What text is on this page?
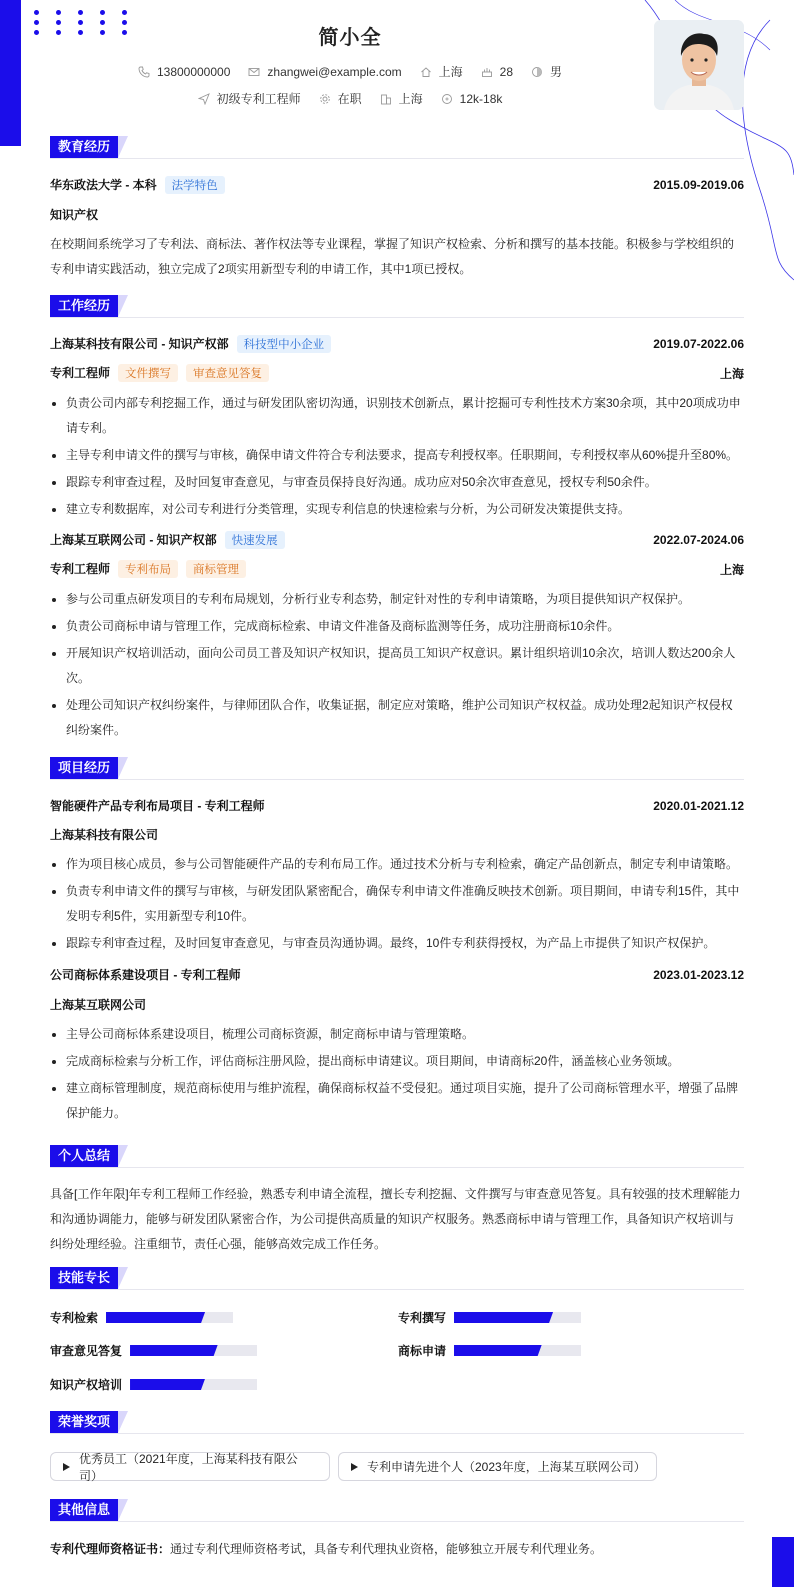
简小全
13800000000	zhangwei@example.com	上海	28	男
初级专利工程师	在职	上海	12k-18k
教育经历
华东政法大学 - 本科 法学特色	2015.09-2019.06
知识产权
在校期间系统学习了专利法、商标法、著作权法等专业课程，掌握了知识产权检索、分析和撰写的基本技能。积极参与学校组织的专利申请实践活动，独立完成了2项实用新型专利的申请工作，其中1项已授权。
工作经历
上海某科技有限公司 - 知识产权部 科技型中小企业	2019.07-2022.06
专利工程师 文件撰写 审查意见答复	上海
负责公司内部专利挖掘工作，通过与研发团队密切沟通，识别技术创新点，累计挖掘可专利性技术方案30余项，其中20项成功申请专利。
主导专利申请文件的撰写与审核，确保申请文件符合专利法要求，提高专利授权率。任职期间，专利授权率从60%提升至80%。
跟踪专利审查过程，及时回复审查意见，与审查员保持良好沟通。成功应对50余次审查意见，授权专利50余件。
建立专利数据库，对公司专利进行分类管理，实现专利信息的快速检索与分析，为公司研发决策提供支持。
上海某互联网公司 - 知识产权部 快速发展	2022.07-2024.06
专利工程师 专利布局 商标管理	上海
参与公司重点研发项目的专利布局规划，分析行业专利态势，制定针对性的专利申请策略，为项目提供知识产权保护。
负责公司商标申请与管理工作，完成商标检索、申请文件准备及商标监测等任务，成功注册商标10余件。
开展知识产权培训活动，面向公司员工普及知识产权知识，提高员工知识产权意识。累计组织培训10余次，培训人数达200余人次。
处理公司知识产权纠纷案件，与律师团队合作，收集证据，制定应对策略，维护公司知识产权权益。成功处理2起知识产权侵权纠纷案件。
项目经历
智能硬件产品专利布局项目 - 专利工程师	2020.01-2021.12
上海某科技有限公司
作为项目核心成员，参与公司智能硬件产品的专利布局工作。通过技术分析与专利检索，确定产品创新点，制定专利申请策略。
负责专利申请文件的撰写与审核，与研发团队紧密配合，确保专利申请文件准确反映技术创新。项目期间，申请专利15件，其中发明专利5件，实用新型专利10件。
跟踪专利审查过程，及时回复审查意见，与审查员沟通协调。最终，10件专利获得授权，为产品上市提供了知识产权保护。
公司商标体系建设项目 - 专利工程师	2023.01-2023.12
上海某互联网公司
主导公司商标体系建设项目，梳理公司商标资源，制定商标申请与管理策略。
完成商标检索与分析工作，评估商标注册风险，提出商标申请建议。项目期间，申请商标20件，涵盖核心业务领域。
建立商标管理制度，规范商标使用与维护流程，确保商标权益不受侵犯。通过项目实施，提升了公司商标管理水平，增强了品牌保护能力。
个人总结
具备[工作年限]年专利工程师工作经验，熟悉专利申请全流程，擅长专利挖掘、文件撰写与审查意见答复。具有较强的技术理解能力和沟通协调能力，能够与研发团队紧密合作，为公司提供高质量的知识产权服务。熟悉商标申请与管理工作，具备知识产权培训与纠纷处理经验。注重细节，责任心强，能够高效完成工作任务。
技能专长
专利检索	专利撰写
审查意见答复	商标申请
知识产权培训
荣誉奖项
优秀员工（2021年度，上海某科技有限公司）
专利申请先进个人（2023年度，上海某互联网公司）
其他信息
专利代理师资格证书：通过专利代理师资格考试，具备专利代理执业资格，能够独立开展专利代理业务。
